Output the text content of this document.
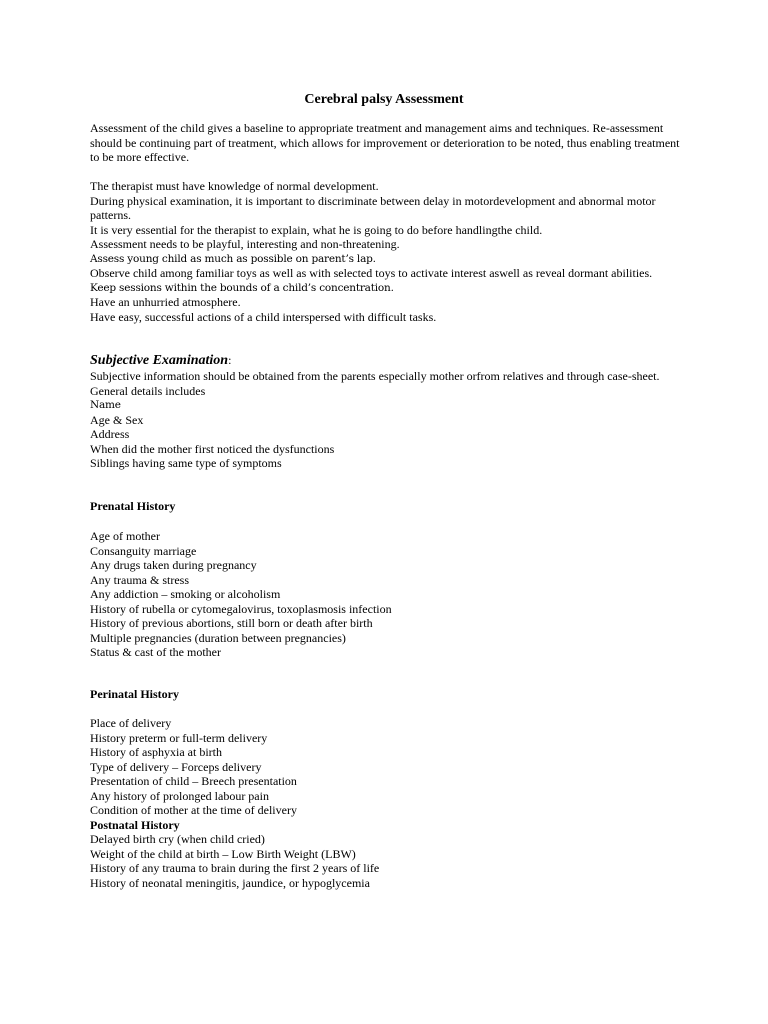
Cerebral palsy Assessment

Assessment of the child gives a baseline to appropriate treatment and management aims and techniques. Re-assessment should be continuing part of treatment, which allows for improvement or deterioration to be noted, thus enabling treatment to be more effective.

The therapist must have knowledge of normal development.

During physical examination, it is important to discriminate between delay in motordevelopment and abnormal motor patterns.

It is very essential for the therapist to explain, what he is going to do before handlingthe child.

Assessment needs to be playful, interesting and non-threatening.

Assess young child as much as possible on parent’s lap.

Observe child among familiar toys as well as with selected toys to activate interest aswell as reveal dormant abilities.

Keep sessions within the bounds of a child’s concentration.

Have an unhurried atmosphere.

Have easy, successful actions of a child interspersed with difficult tasks.

Subjective Examination:

Subjective information should be obtained from the parents especially mother orfrom relatives and through case-sheet.

General details includes

Name

Age & Sex

Address

When did the mother first noticed the dysfunctions

Siblings having same type of symptoms

Prenatal History

Age of mother

Consanguity marriage

Any drugs taken during pregnancy

Any trauma & stress

Any addiction – smoking or alcoholism

History of rubella or cytomegalovirus, toxoplasmosis infection

History of previous abortions, still born or death after birth

Multiple pregnancies (duration between pregnancies)

Status & cast of the mother

Perinatal History

Place of delivery

History preterm or full-term delivery

History of asphyxia at birth

Type of delivery – Forceps delivery

Presentation of child – Breech presentation

Any history of prolonged labour pain

Condition of mother at the time of delivery

Postnatal History

Delayed birth cry (when child cried)

Weight of the child at birth – Low Birth Weight (LBW)

History of any trauma to brain during the first 2 years of life

History of neonatal meningitis, jaundice, or hypoglycemia
